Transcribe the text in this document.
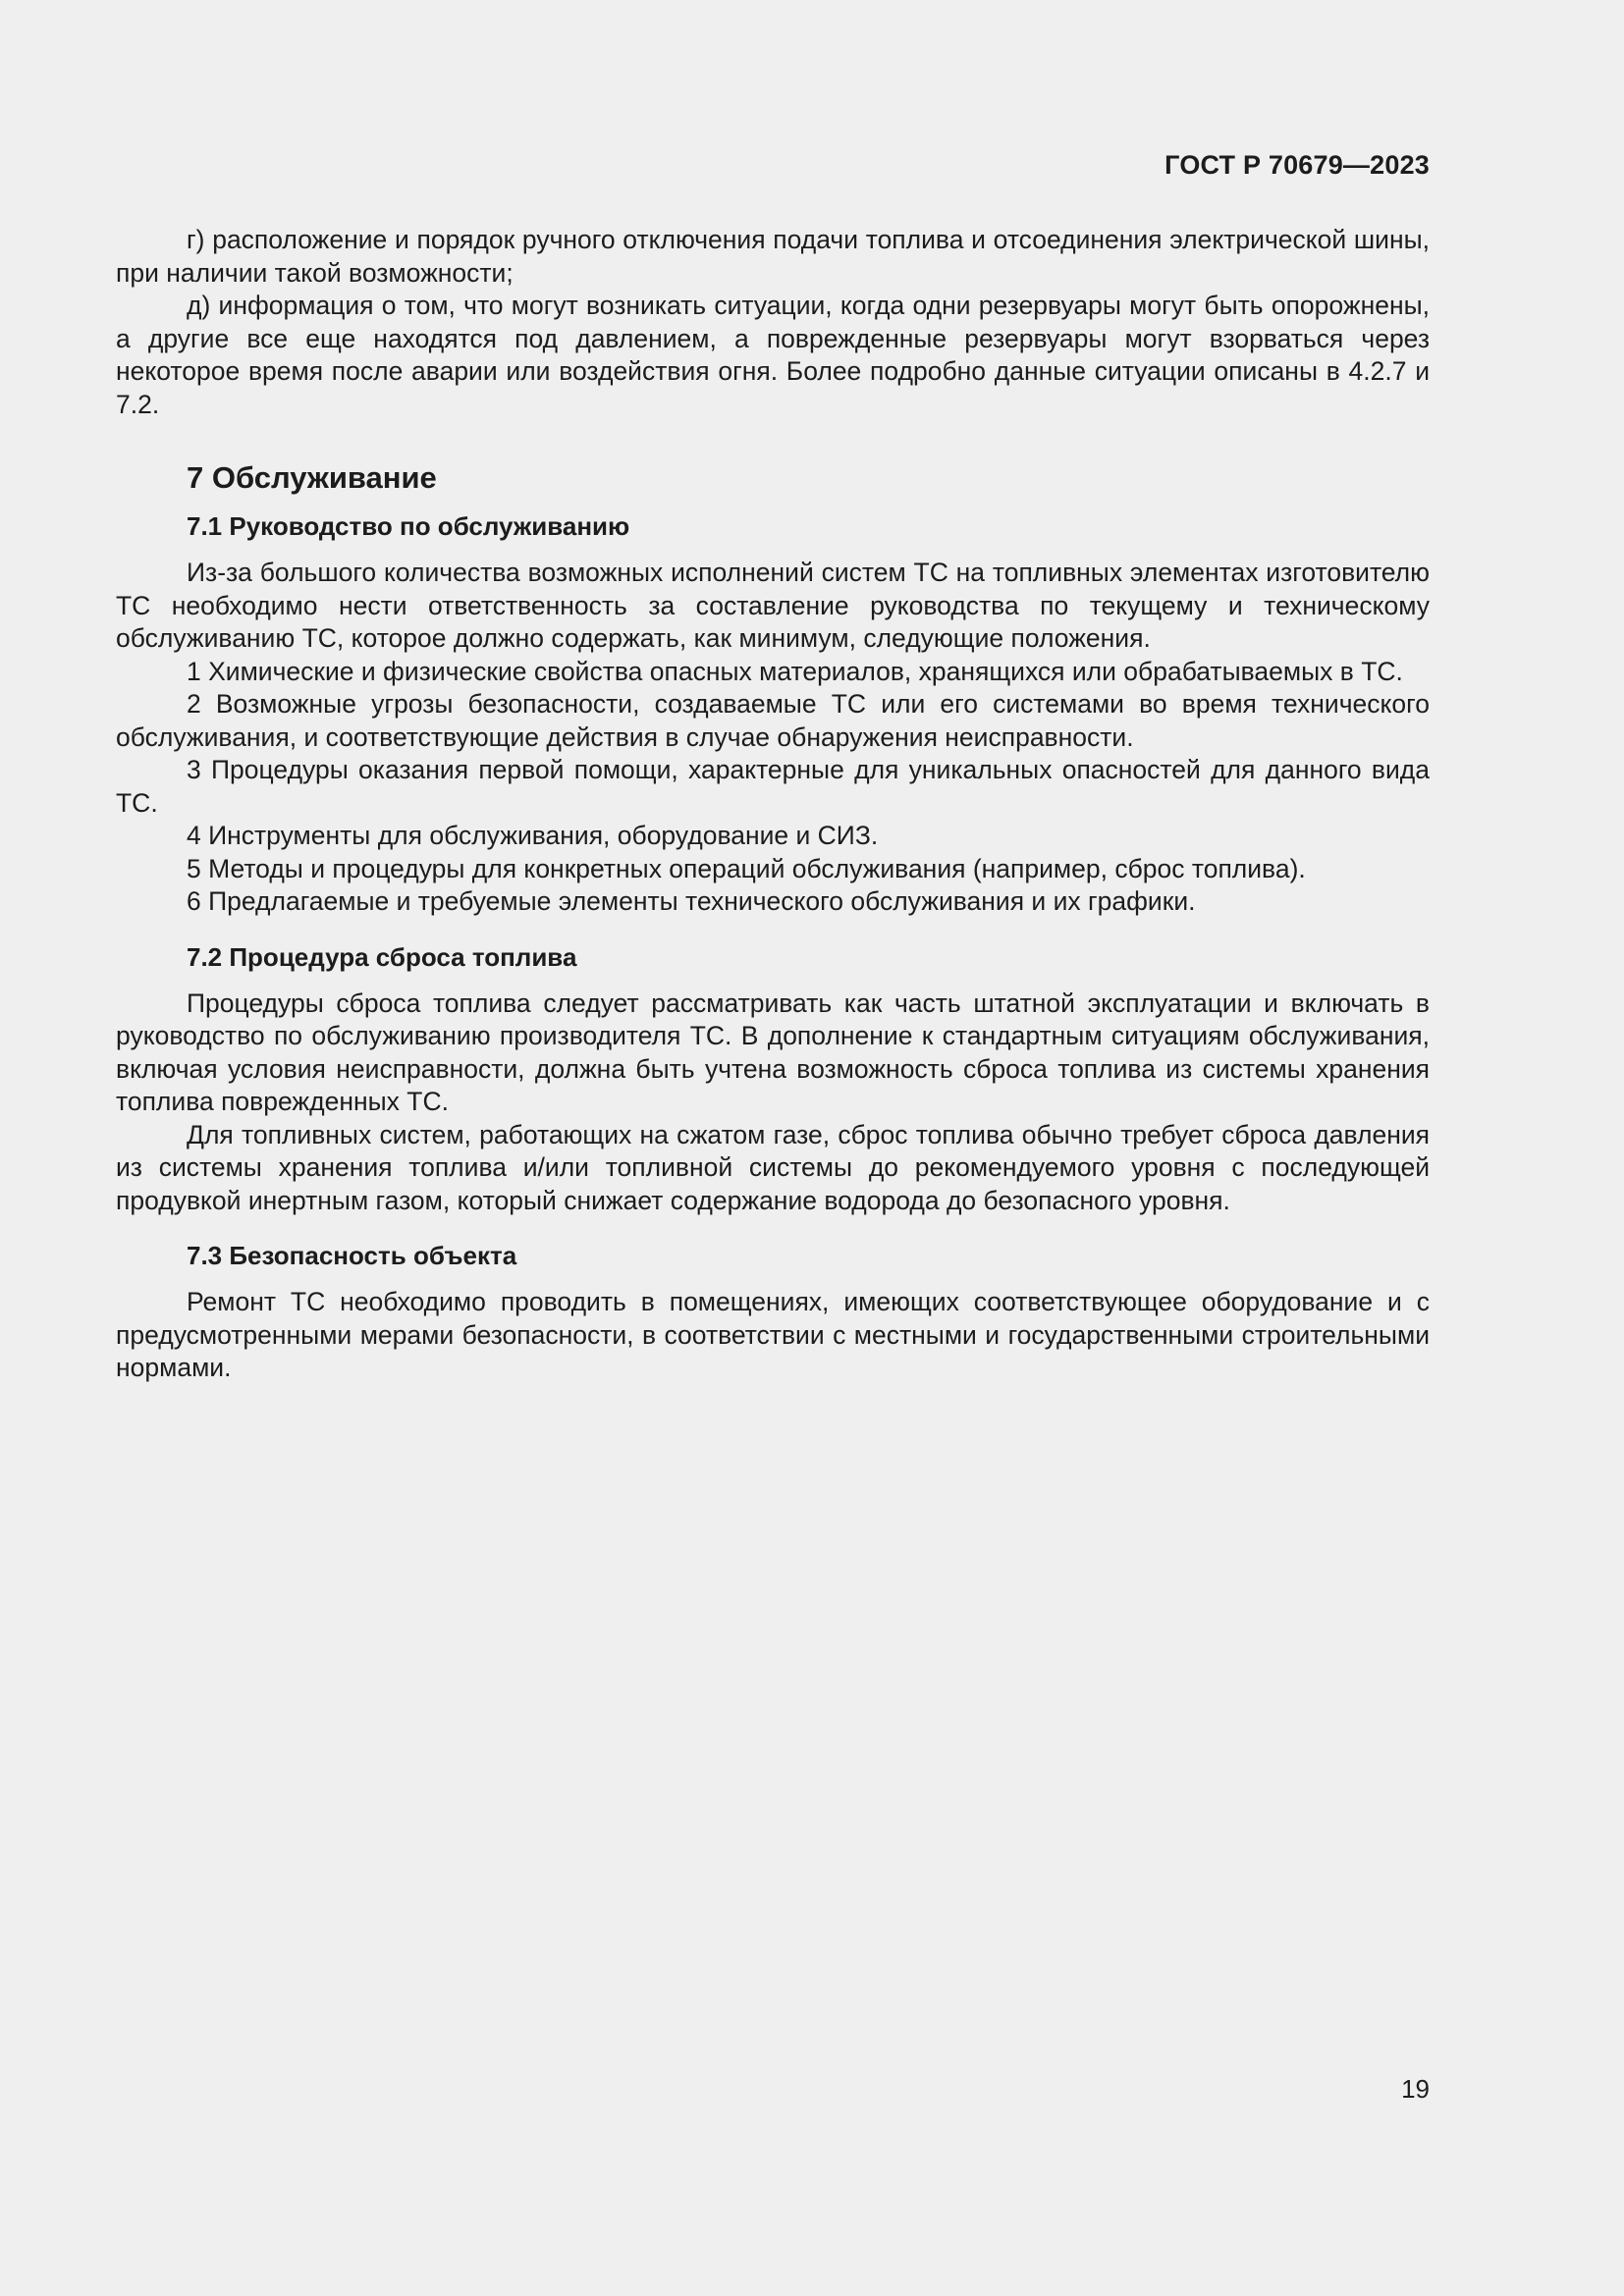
ГОСТ Р 70679—2023

г) расположение и порядок ручного отключения подачи топлива и отсоединения электрической шины, при наличии такой возможности;

д) информация о том, что могут возникать ситуации, когда одни резервуары могут быть опорожнены, а другие все еще находятся под давлением, а поврежденные резервуары могут взорваться через некоторое время после аварии или воздействия огня. Более подробно данные ситуации описаны в 4.2.7 и 7.2.

7 Обслуживание
7.1 Руководство по обслуживанию

Из-за большого количества возможных исполнений систем ТС на топливных элементах изготовителю ТС необходимо нести ответственность за составление руководства по текущему и техническому обслуживанию ТС, которое должно содержать, как минимум, следующие положения.

1 Химические и физические свойства опасных материалов, хранящихся или обрабатываемых в ТС.

2 Возможные угрозы безопасности, создаваемые ТС или его системами во время технического обслуживания, и соответствующие действия в случае обнаружения неисправности.

3 Процедуры оказания первой помощи, характерные для уникальных опасностей для данного вида ТС.

4 Инструменты для обслуживания, оборудование и СИЗ.

5 Методы и процедуры для конкретных операций обслуживания (например, сброс топлива).

6 Предлагаемые и требуемые элементы технического обслуживания и их графики.

7.2 Процедура сброса топлива

Процедуры сброса топлива следует рассматривать как часть штатной эксплуатации и включать в руководство по обслуживанию производителя ТС. В дополнение к стандартным ситуациям обслуживания, включая условия неисправности, должна быть учтена возможность сброса топлива из системы хранения топлива поврежденных ТС.

Для топливных систем, работающих на сжатом газе, сброс топлива обычно требует сброса давления из системы хранения топлива и/или топливной системы до рекомендуемого уровня с последующей продувкой инертным газом, который снижает содержание водорода до безопасного уровня.

7.3 Безопасность объекта

Ремонт ТС необходимо проводить в помещениях, имеющих соответствующее оборудование и с предусмотренными мерами безопасности, в соответствии с местными и государственными строительными нормами.

19
